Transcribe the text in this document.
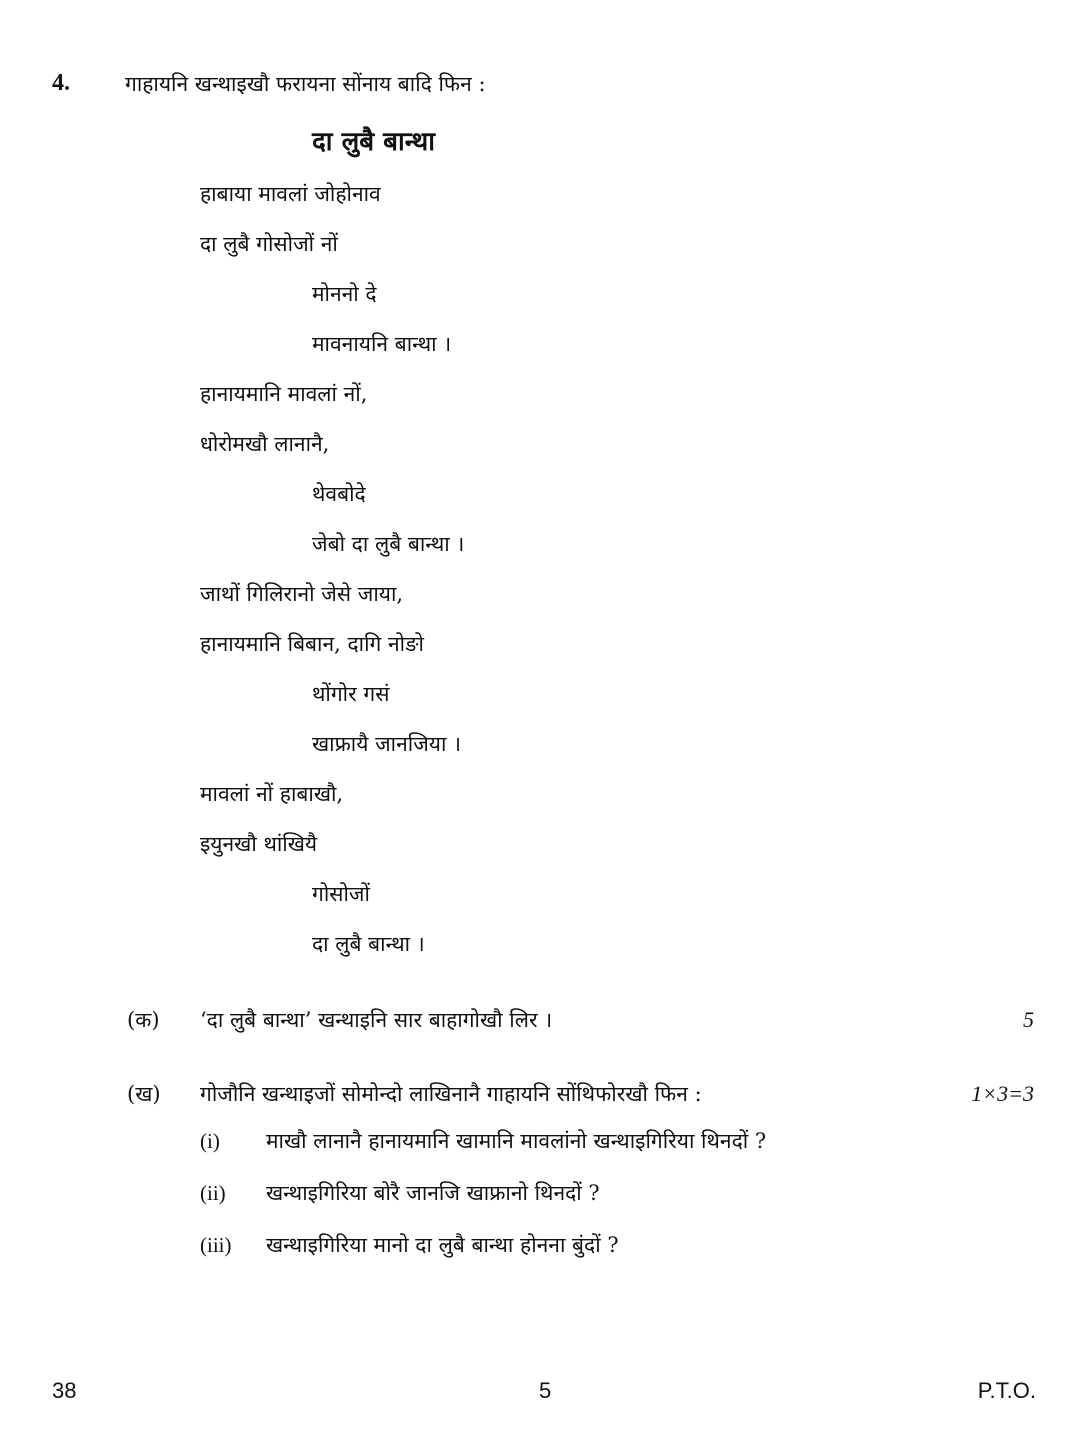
4.	गाहायनि खन्थाइखौ फरायना सोंनाय बादि फिन :
दा लुबै बान्था
हाबाया मावलां जोहोनाव
दा लुबै गोसोजों नों
मोननो दे
मावनायनि बान्था ।
हानायमानि मावलां नों,
धोरोमखौ लानानै,
थेवबोदे
जेबो दा लुबै बान्था ।
जाथों गिलिरानो जेसे जाया,
हानायमानि बिबान, दागि नोङो
थोंगोर गसं
खाफ्रायै जानजिया ।
मावलां नों हाबाखौ,
इयुनखौ थांखियै
गोसोजों
दा लुबै बान्था ।
(क) ‘दा लुबै बान्था’ खन्थाइनि सार बाहागोखौ लिर ।	5
(ख) गोजौनि खन्थाइजों सोमोन्दो लाखिनानै गाहायनि सोंथिफोरखौ फिन :	1×3=3
(i) माखौ लानानै हानायमानि खामानि मावलांनो खन्थाइगिरिया थिनदों ?
(ii) खन्थाइगिरिया बोरै जानजि खाफ्रानो थिनदों ?
(iii) खन्थाइगिरिया मानो दा लुबै बान्था होनना बुंदों ?
38	5	P.T.O.
